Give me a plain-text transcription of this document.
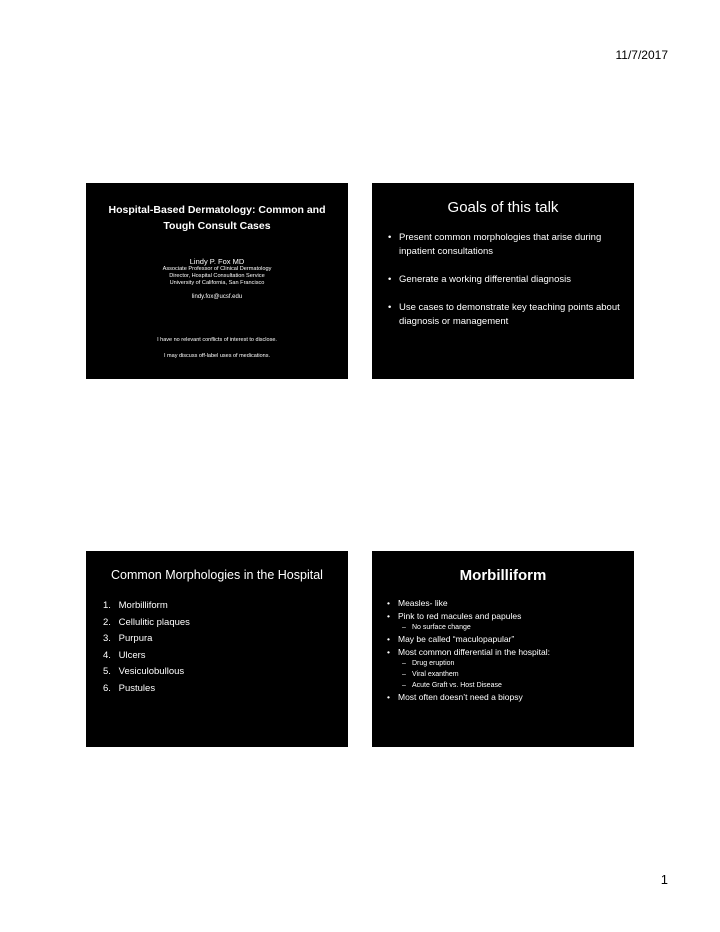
11/7/2017
Hospital-Based Dermatology: Common and Tough Consult Cases
Lindy P. Fox MD
Associate Professor of Clinical Dermatology
Director, Hospital Consultation Service
University of California, San Francisco
lindy.fox@ucsf.edu
I have no relevant conflicts of interest to disclose.
I may discuss off-label uses of medications.
Goals of this talk
• Present common morphologies that arise during inpatient consultations
• Generate a working differential diagnosis
• Use cases to demonstrate key teaching points about diagnosis or management
Common Morphologies in the Hospital
1. Morbilliform
2. Cellulitic plaques
3. Purpura
4. Ulcers
5. Vesiculobullous
6. Pustules
Morbilliform
• Measles- like
• Pink to red macules and papules
– No surface change
• May be called “maculopapular”
• Most common differential in the hospital:
– Drug eruption
– Viral exanthem
– Acute Graft vs. Host Disease
• Most often doesn’t need a biopsy
1
